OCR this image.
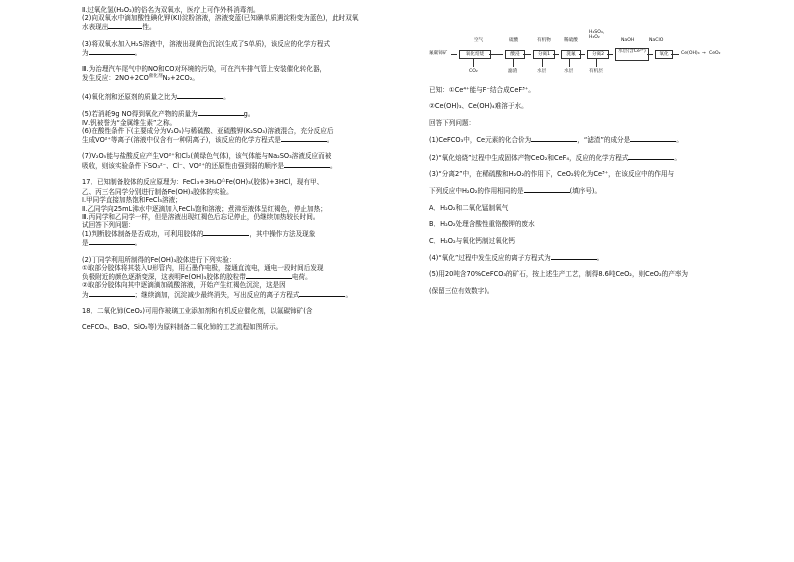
Ⅱ.过氧化氢(H₂O₂)的俗名为双氧水，医疗上可作外科消毒剂。
(2)向双氧水中滴加酸性碘化钾(KI)淀粉溶液，溶液变蓝(已知碘单质遇淀粉变为蓝色)，此时双氧
水表现出	性。
(3)将双氧水加入H₂S溶液中，溶液出现黄色沉淀(生成了S单质)，该反应的化学方程式
为	。
Ⅲ.为治理汽车尾气中的NO和CO对环境的污染，可在汽车排气管上安装催化转化器，
发生反应：$2NO+2CO^{催化剂}N_2+2CO_2$。
(4)氧化剂和还原剂的质量之比为	。
(5)若消耗9g NO得到氧化产物的质量为	g。
Ⅳ.钒被誉为“金属维生素”之称。
(6)在酸性条件下(主要成分为V₂O₅)与稀硫酸、亚硫酸钾(K₂SO₃)溶液混合，充分反应后
生成VO²⁺等离子(溶液中仅含有一种阴离子)，该反应的化学方程式是	。
(7)V₂O₅能与盐酸反应产生VO²⁺和Cl₂(黄绿色气体)，该气体能与Na₂SO₃溶液反应而被
吸收，则该实验条件下SO₃²⁻、Cl⁻、VO²⁺的还原性由强到弱的顺序是	。
17．已知制备胶体的反应原理为：FeCl₃+3H₂O△Fe(OH)₃(胶体)+3HCl，现有甲、
乙、丙三名同学分别进行制备Fe(OH)₃胶体的实验。
Ⅰ.甲同学直接加热饱和FeCl₃溶液；
Ⅱ.乙同学向25mL沸水中逐滴加入FeCl₃饱和溶液；煮沸至液体呈红褐色，停止加热；
Ⅲ.丙同学和乙同学一样，但是溶液出现红褐色后忘记停止，仍继续加热较长时间。
试回答下列问题：
(1)判断胶体制备是否成功，可利用胶体的	，其中操作方法及现象
是	。
(2)丁同学利用所制得的Fe(OH)₃胶体进行下列实验：
①取部分胶体将其装入U形管内，用石墨作电极，接通直流电，通电一段时间后发现
负极附近的颜色逐渐变深，这表明Fe(OH)₃胶体的胶粒带	电荷。
②取部分胶体向其中逐滴滴加硫酸溶液，开始产生红褐色沉淀，这是因
为	；继续滴加，沉淀减少最终消失，写出反应的离子方程式	。
18．二氧化铈(CeO₂)可用作玻璃工业添加剂和有机反应催化剂，以氟碳铈矿(含
CeFCO₃、BaO、SiO₂等)为原料制备二氧化铈的工艺流程如图所示。
氟碳铈矿
空气	硫酸	有机物	稀硫酸
H₂SO₄、H₂O₂
NaOH	NaClO
氧化焙烧	酸浸	分离1	洗氟	分离2
水层(含Ce³⁺)
氧化	Ce(OH)₄ → CeO₂
CO₂	滤渣	水层	水层	有机层
已知：①Ce⁴⁺能与F⁻结合成CeF³⁺。
②Ce(OH)₃、Ce(OH)₄难溶于水。
回答下列问题：
(1)CeFCO₃中，Ce元素的化合价为	，“滤渣”的成分是	。
(2)“氧化焙烧”过程中生成固体产物CeO₂和CeF₄，反应的化学方程式	。
(3)“分离2”中，在稀硫酸和H₂O₂的作用下，CeO₂转化为Ce³⁺，在该反应中的作用与
下列反应中H₂O₂的作用相同的是	(填序号)。
A．H₂O₂和二氧化锰制氧气
B．H₂O₂处理含酸性重铬酸钾的废水
C．H₂O₂与氧化钙制过氧化钙
(4)“氧化”过程中发生反应的离子方程式为	。
(5)用20吨含70%CeFCO₃的矿石，按上述生产工艺，制得8.6吨CeO₂，则CeO₂的产率为
(保留三位有效数字)。
